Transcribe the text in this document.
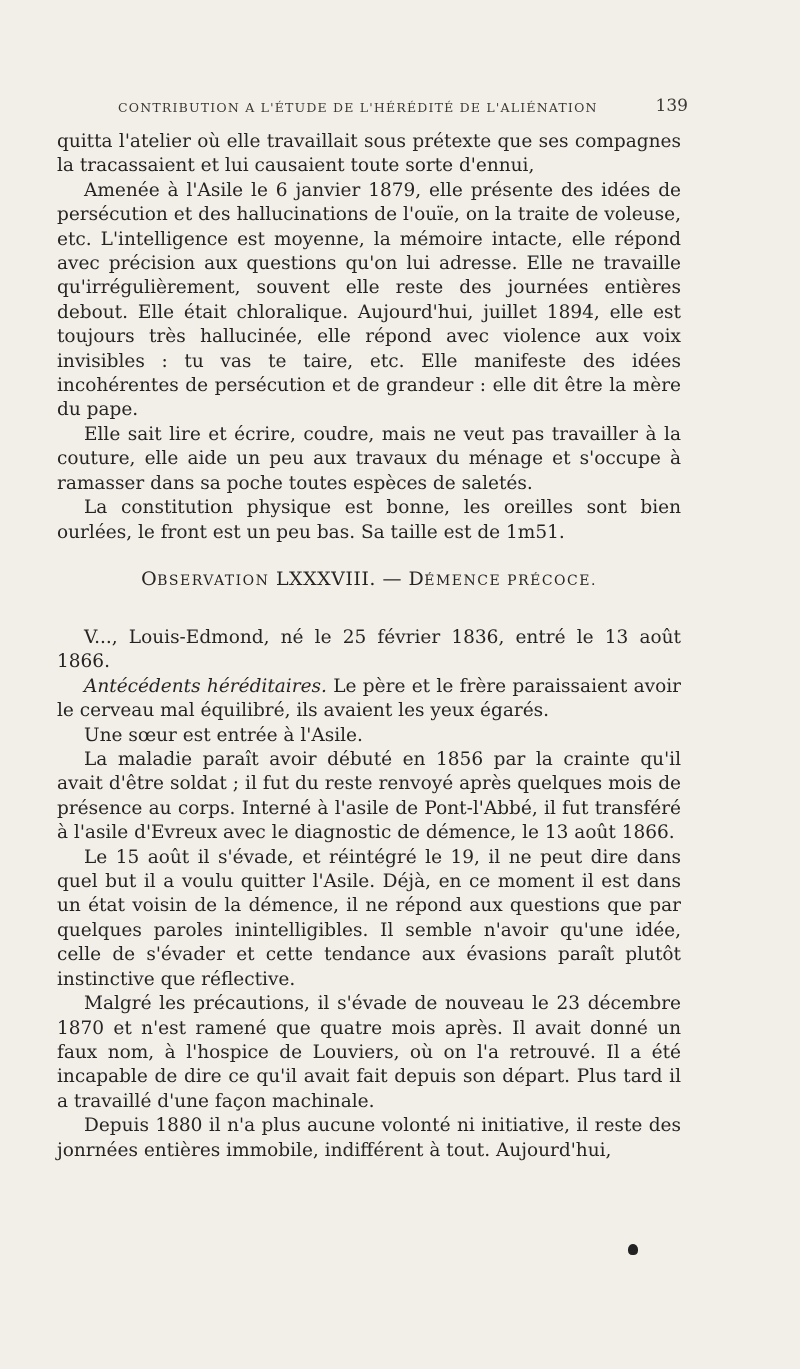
CONTRIBUTION A L'ÉTUDE DE L'HÉRÉDITÉ DE L'ALIÉNATION	139

quitta l'atelier où elle travaillait sous prétexte que ses compagnes la tracassaient et lui causaient toute sorte d'ennui,

Amenée à l'Asile le 6 janvier 1879, elle présente des idées de persécution et des hallucinations de l'ouïe, on la traite de voleuse, etc. L'intelligence est moyenne, la mémoire intacte, elle répond avec précision aux questions qu'on lui adresse. Elle ne travaille qu'irrégulièrement, souvent elle reste des journées entières debout. Elle était chloralique. Aujourd'hui, juillet 1894, elle est toujours très hallucinée, elle répond avec violence aux voix invisibles : tu vas te taire, etc. Elle manifeste des idées incohérentes de persécution et de grandeur : elle dit être la mère du pape.

Elle sait lire et écrire, coudre, mais ne veut pas travailler à la couture, elle aide un peu aux travaux du ménage et s'occupe à ramasser dans sa poche toutes espèces de saletés.

La constitution physique est bonne, les oreilles sont bien ourlées, le front est un peu bas. Sa taille est de 1m51.

OBSERVATION LXXXVIII. — DÉMENCE PRÉCOCE.

V..., Louis-Edmond, né le 25 février 1836, entré le 13 août 1866.

Antécédents héréditaires. Le père et le frère paraissaient avoir le cerveau mal équilibré, ils avaient les yeux égarés.

Une sœur est entrée à l'Asile.

La maladie paraît avoir débuté en 1856 par la crainte qu'il avait d'être soldat ; il fut du reste renvoyé après quelques mois de présence au corps. Interné à l'asile de Pont-l'Abbé, il fut transféré à l'asile d'Evreux avec le diagnostic de démence, le 13 août 1866.

Le 15 août il s'évade, et réintégré le 19, il ne peut dire dans quel but il a voulu quitter l'Asile. Déjà, en ce moment il est dans un état voisin de la démence, il ne répond aux questions que par quelques paroles inintelligibles. Il semble n'avoir qu'une idée, celle de s'évader et cette tendance aux évasions paraît plutôt instinctive que réflective.

Malgré les précautions, il s'évade de nouveau le 23 décembre 1870 et n'est ramené que quatre mois après. Il avait donné un faux nom, à l'hospice de Louviers, où on l'a retrouvé. Il a été incapable de dire ce qu'il avait fait depuis son départ. Plus tard il a travaillé d'une façon machinale.

Depuis 1880 il n'a plus aucune volonté ni initiative, il reste des jonrnées entières immobile, indifférent à tout. Aujourd'hui,
